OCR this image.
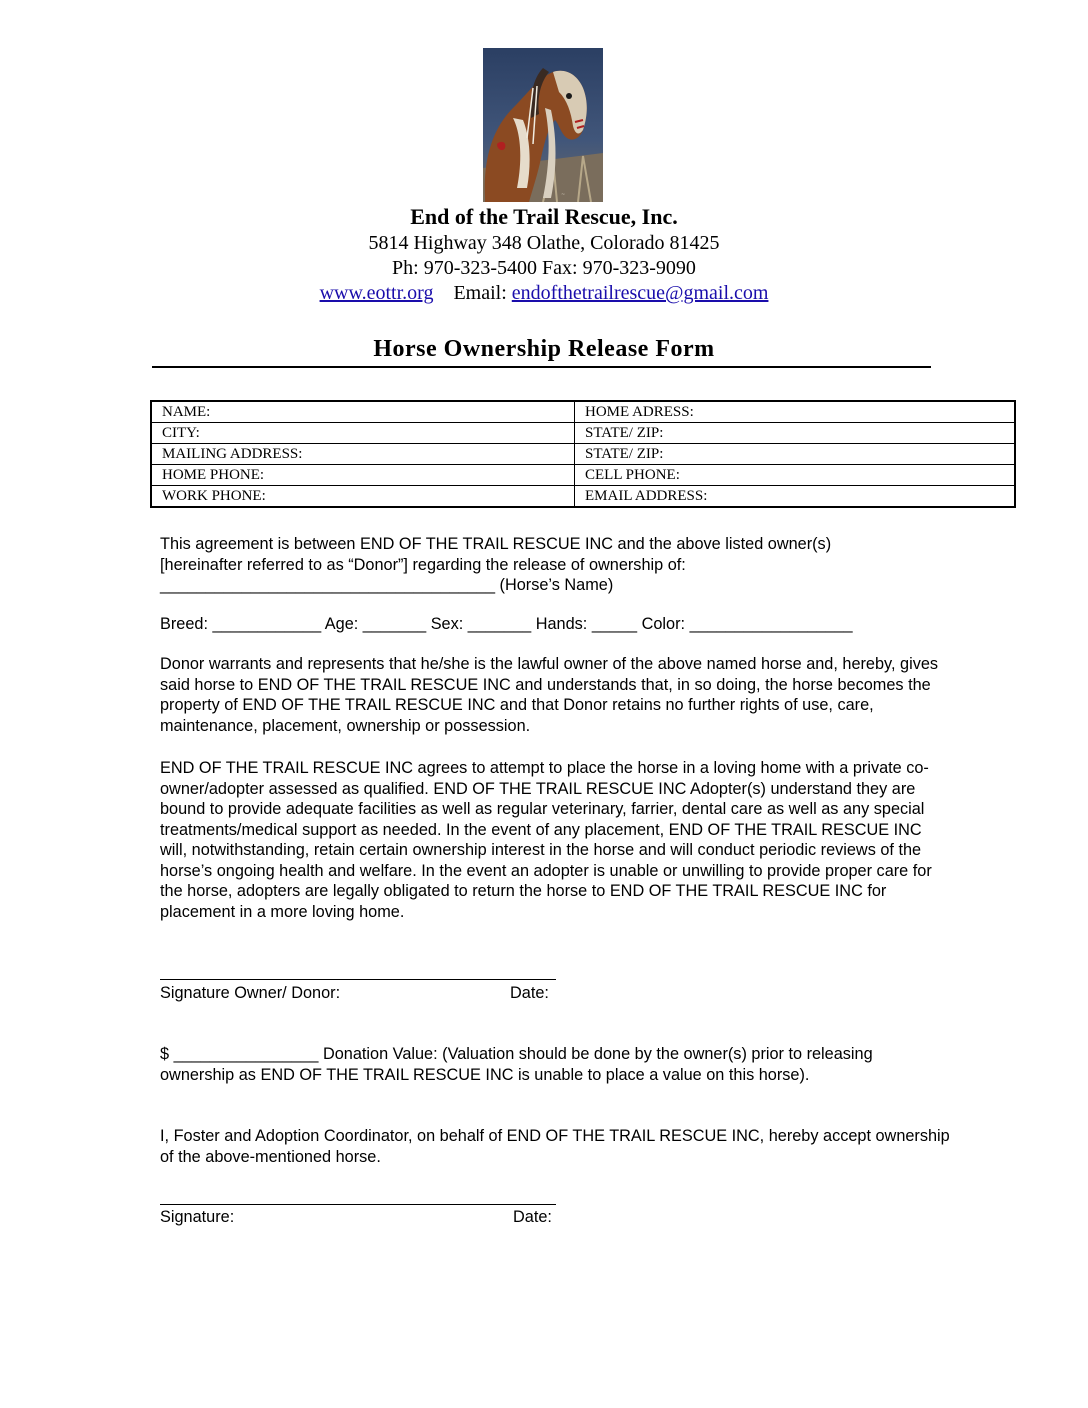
~
End of the Trail Rescue, Inc.
5814 Highway 348 Olathe, Colorado 81425
Ph: 970-323-5400 Fax: 970-323-9090
www.eottr.org Email: endofthetrailrescue@gmail.com
Horse Ownership Release Form
NAME:	HOME ADRESS:
CITY:	STATE/ ZIP:
MAILING ADDRESS:	STATE/ ZIP:
HOME PHONE:	CELL PHONE:
WORK PHONE:	EMAIL ADDRESS:
This agreement is between END OF THE TRAIL RESCUE INC and the above listed owner(s)
[hereinafter referred to as “Donor”] regarding the release of ownership of:
_____________________________________ (Horse’s Name)
Breed: ____________ Age: _______ Sex: _______ Hands: _____ Color: __________________
Donor warrants and represents that he/she is the lawful owner of the above named horse and, hereby, gives said horse to END OF THE TRAIL RESCUE INC and understands that, in so doing, the horse becomes the property of END OF THE TRAIL RESCUE INC and that Donor retains no further rights of use, care, maintenance, placement, ownership or possession.
END OF THE TRAIL RESCUE INC agrees to attempt to place the horse in a loving home with a private co-owner/adopter assessed as qualified. END OF THE TRAIL RESCUE INC Adopter(s) understand they are bound to provide adequate facilities as well as regular veterinary, farrier, dental care as well as any special treatments/medical support as needed. In the event of any placement, END OF THE TRAIL RESCUE INC will, notwithstanding, retain certain ownership interest in the horse and will conduct periodic reviews of the horse’s ongoing health and welfare. In the event an adopter is unable or unwilling to provide proper care for the horse, adopters are legally obligated to return the horse to END OF THE TRAIL RESCUE INC for placement in a more loving home.
Signature Owner/ Donor:	Date:
$ ________________ Donation Value: (Valuation should be done by the owner(s) prior to releasing ownership as END OF THE TRAIL RESCUE INC is unable to place a value on this horse).
I, Foster and Adoption Coordinator, on behalf of END OF THE TRAIL RESCUE INC, hereby accept ownership of the above-mentioned horse.
Signature:	Date:
